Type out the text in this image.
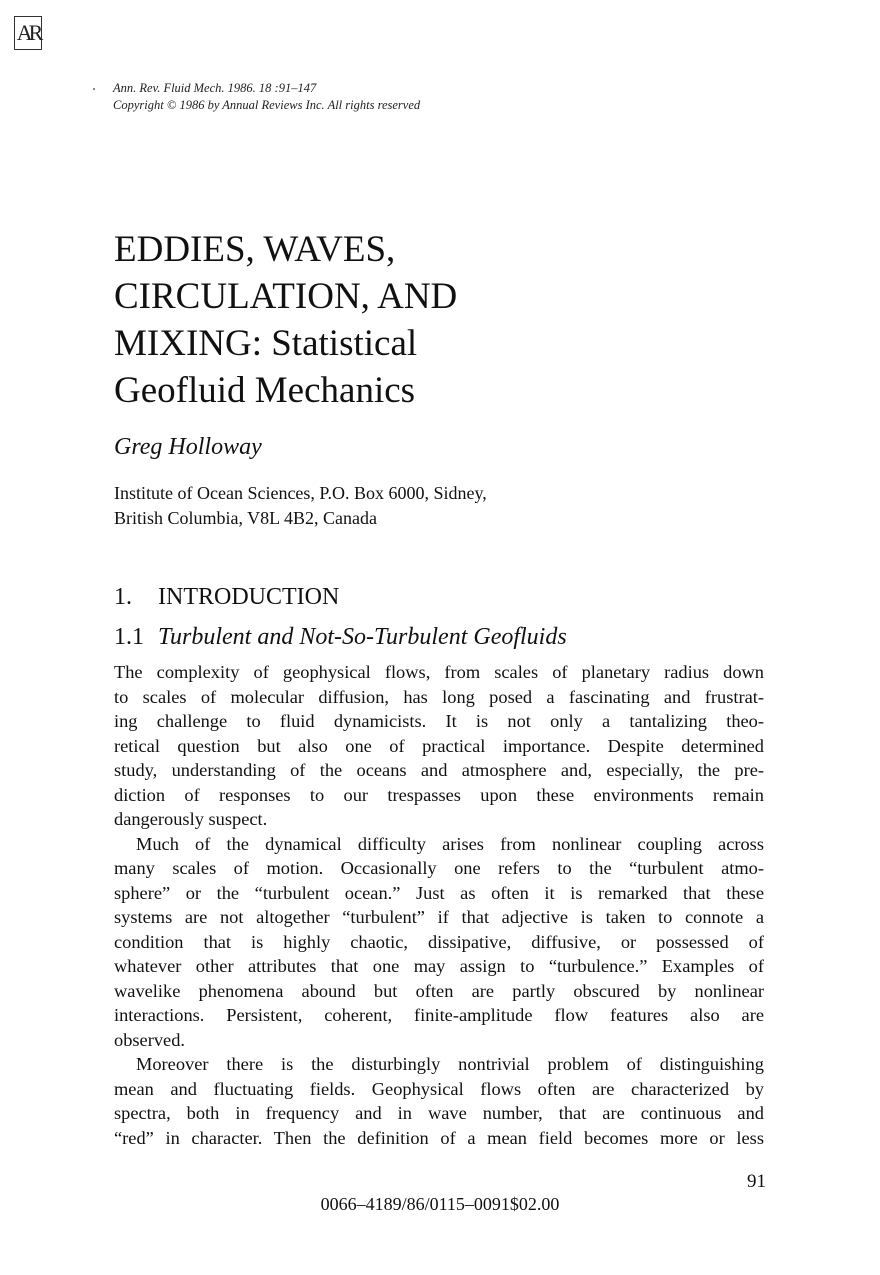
AR
Ann. Rev. Fluid Mech. 1986. 18 :91–147
Copyright © 1986 by Annual Reviews Inc. All rights reserved
EDDIES, WAVES,
CIRCULATION, AND
MIXING: Statistical
Geofluid Mechanics
Greg Holloway
Institute of Ocean Sciences, P.O. Box 6000, Sidney,
British Columbia, V8L 4B2, Canada
1. INTRODUCTION
1.1 Turbulent and Not-So-Turbulent Geofluids
The complexity of geophysical flows, from scales of planetary radius down
to scales of molecular diffusion, has long posed a fascinating and frustrat-
ing challenge to fluid dynamicists. It is not only a tantalizing theo-
retical question but also one of practical importance. Despite determined
study, understanding of the oceans and atmosphere and, especially, the pre-
diction of responses to our trespasses upon these environments remain
dangerously suspect.
Much of the dynamical difficulty arises from nonlinear coupling across
many scales of motion. Occasionally one refers to the “turbulent atmo-
sphere” or the “turbulent ocean.” Just as often it is remarked that these
systems are not altogether “turbulent” if that adjective is taken to connote a
condition that is highly chaotic, dissipative, diffusive, or possessed of
whatever other attributes that one may assign to “turbulence.” Examples of
wavelike phenomena abound but often are partly obscured by nonlinear
interactions. Persistent, coherent, finite-amplitude flow features also are
observed.
Moreover there is the disturbingly nontrivial problem of distinguishing
mean and fluctuating fields. Geophysical flows often are characterized by
spectra, both in frequency and in wave number, that are continuous and
“red” in character. Then the definition of a mean field becomes more or less
91
0066–4189/86/0115–0091$02.00
